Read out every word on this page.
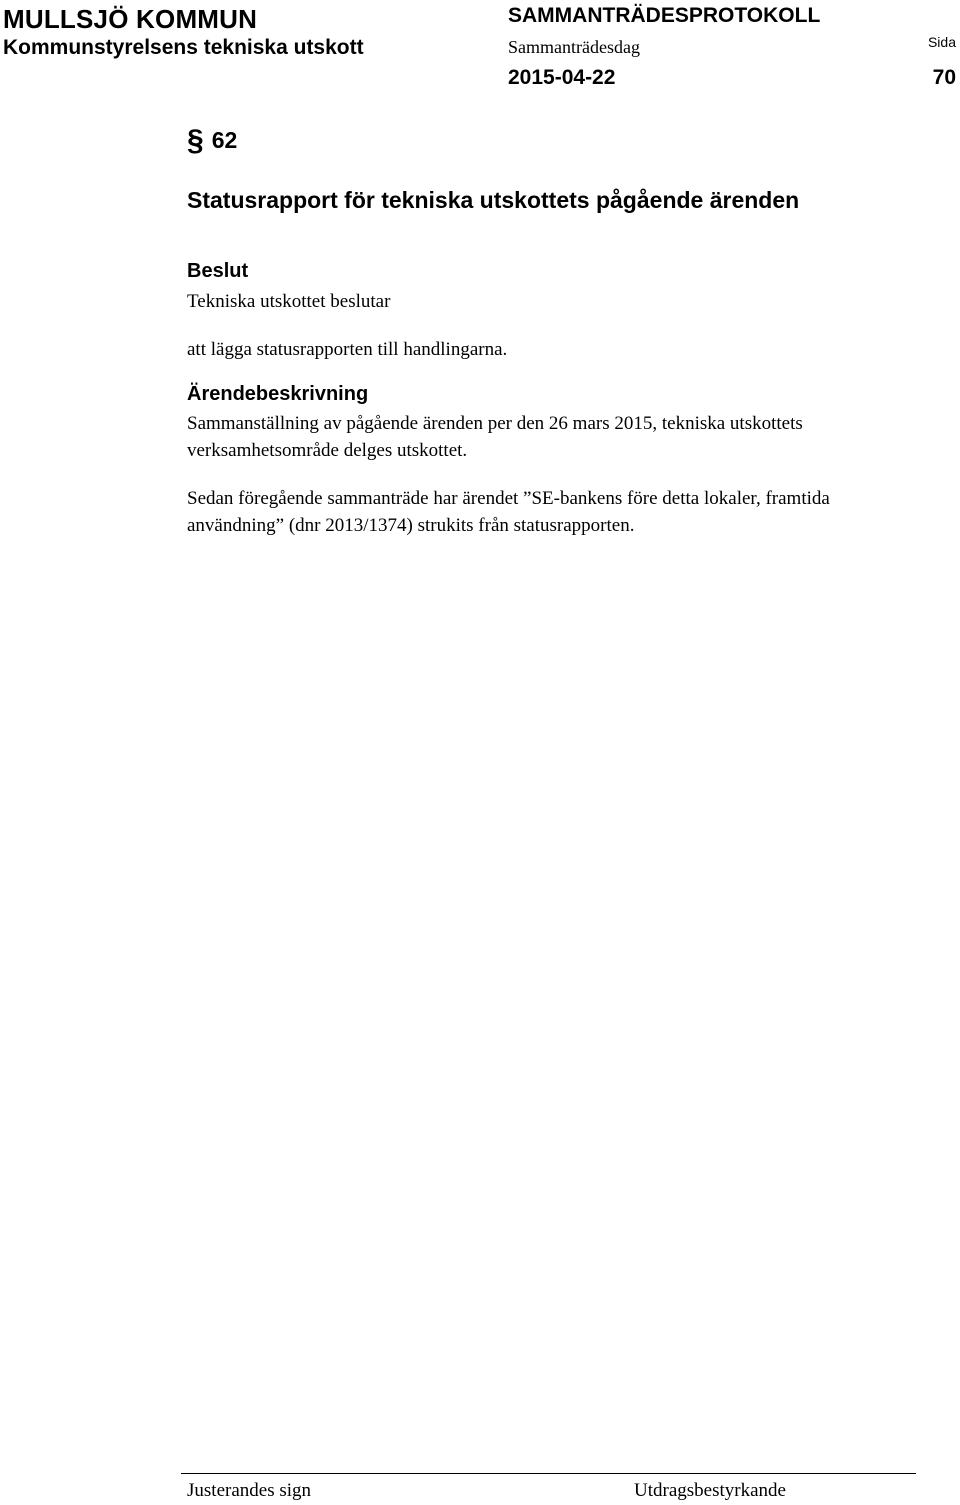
MULLSJÖ KOMMUN
Kommunstyrelsens tekniska utskott
SAMMANTRÄDESPROTOKOLL
Sammanträdesdag
2015-04-22
Sida
70
§ 62
Statusrapport för tekniska utskottets pågående ärenden
Beslut
Tekniska utskottet beslutar
att lägga statusrapporten till handlingarna.
Ärendebeskrivning
Sammanställning av pågående ärenden per den 26 mars 2015, tekniska utskottets verksamhetsområde delges utskottet.
Sedan föregående sammanträde har ärendet ”SE-bankens före detta lokaler, framtida användning” (dnr 2013/1374) strukits från statusrapporten.
Justerandes sign	Utdragsbestyrkande
